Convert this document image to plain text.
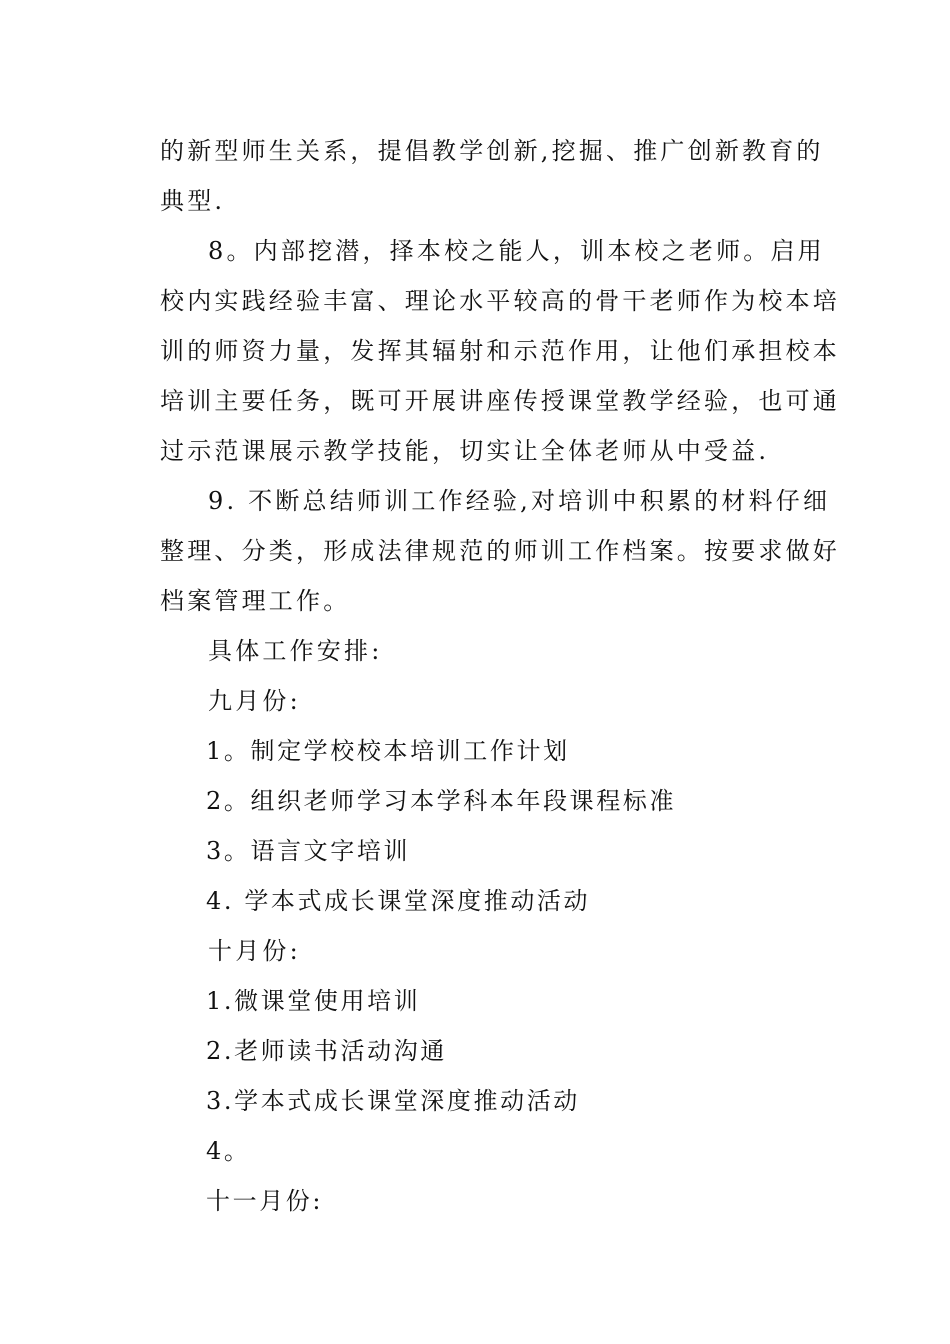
的新型师生关系，提倡教学创新,挖掘、推广创新教育的
典型.
8。内部挖潜，择本校之能人，训本校之老师。启用
校内实践经验丰富、理论水平较高的骨干老师作为校本培
训的师资力量，发挥其辐射和示范作用，让他们承担校本
培训主要任务，既可开展讲座传授课堂教学经验，也可通
过示范课展示教学技能，切实让全体老师从中受益.
9. 不断总结师训工作经验,对培训中积累的材料仔细
整理、分类，形成法律规范的师训工作档案。按要求做好
档案管理工作。
具体工作安排:
九月份:
1。制定学校校本培训工作计划
2。组织老师学习本学科本年段课程标准
3。语言文字培训
4. 学本式成长课堂深度推动活动
十月份:
1.微课堂使用培训
2.老师读书活动沟通
3.学本式成长课堂深度推动活动
4。
十一月份:
